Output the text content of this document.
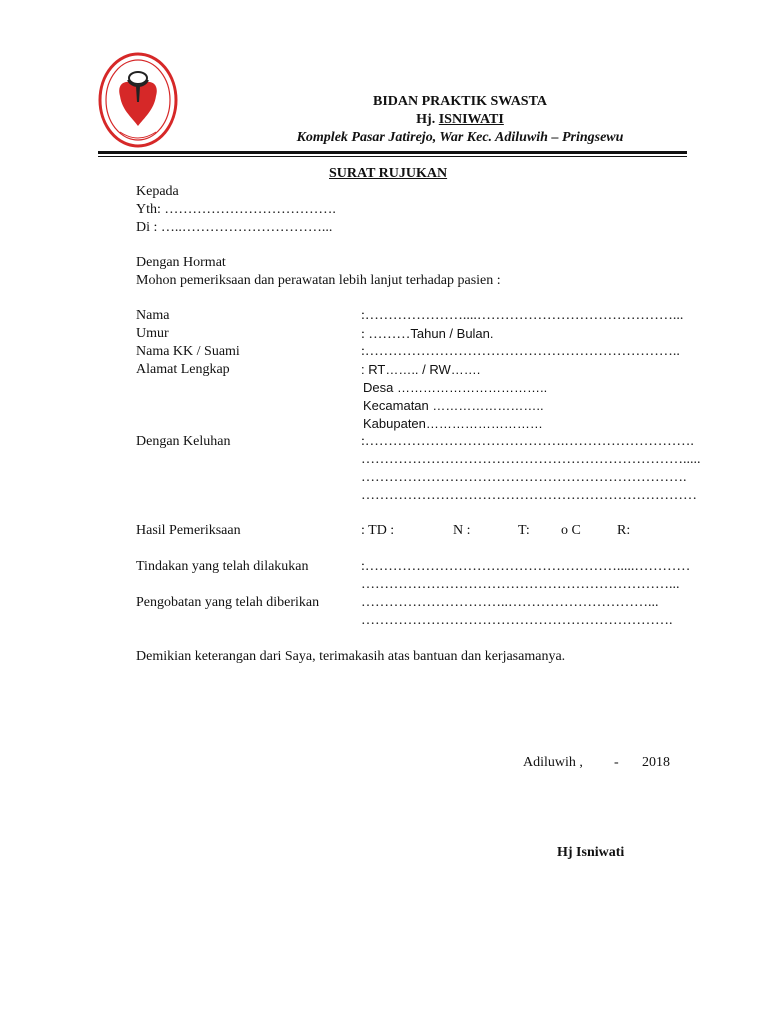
BIDAN PRAKTIK SWASTA
Hj. ISNIWATI
Komplek Pasar Jatirejo, War Kec. Adiluwih – Pringsewu
SURAT RUJUKAN
Kepada
Yth: ……………………………….
Di : …..…………………………...
Dengan Hormat
Mohon pemeriksaan dan perawatan lebih lanjut terhadap pasien :
Nama	:…………………....……………………………………...
Umur	: ………Tahun / Bulan.
Nama KK / Suami	:…………………………………………………………..
Alamat Lengkap	: RT…….. / RW…….
Desa ……………………………..
Kecamatan ……………………..
Kabupaten………………………
Dengan Keluhan	:…………………………………….……………………….
…………………………………………………………….....
…………………………………………………………….
………………………………………………………………
Hasil Pemeriksaan	: TD :	N :	T: o C	R:
Tindakan yang telah dilakukan	:……………………………………………….....…………
…………………………………………………………...
Pengobatan yang telah diberikan	…………………………..…………………………...
………………………………………………………….
Demikian keterangan dari Saya, terimakasih atas bantuan dan kerjasamanya.
Adiluwih , - 2018
Hj Isniwati
